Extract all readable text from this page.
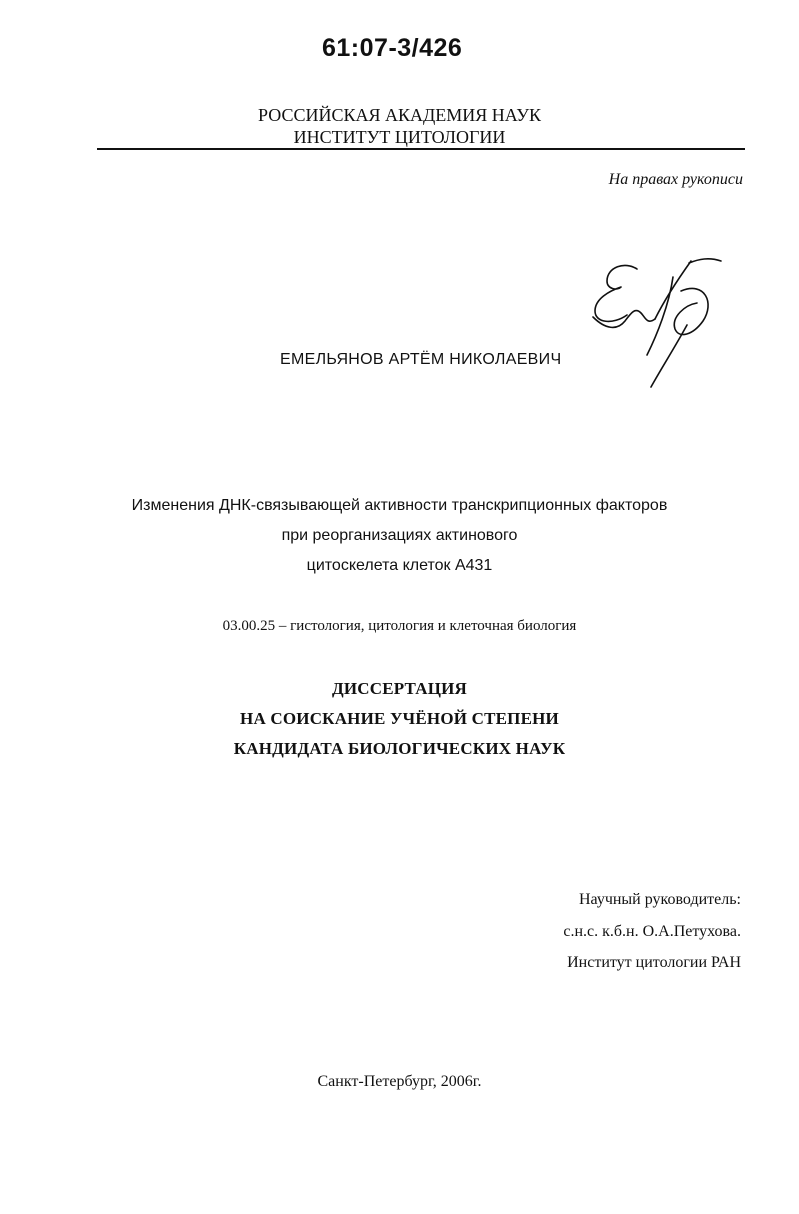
61:07-3/426
РОССИЙСКАЯ АКАДЕМИЯ НАУК
ИНСТИТУТ ЦИТОЛОГИИ
На правах рукописи
ЕМЕЛЬЯНОВ АРТЁМ НИКОЛАЕВИЧ
Изменения ДНК-связывающей активности транскрипционных факторов
при реорганизациях актинового
цитоскелета клеток А431
03.00.25 – гистология, цитология и клеточная биология
ДИССЕРТАЦИЯ
НА СОИСКАНИЕ УЧЁНОЙ СТЕПЕНИ
КАНДИДАТА БИОЛОГИЧЕСКИХ НАУК
Научный руководитель:
с.н.с. к.б.н. О.А.Петухова.
Институт цитологии РАН
Санкт-Петербург, 2006г.
